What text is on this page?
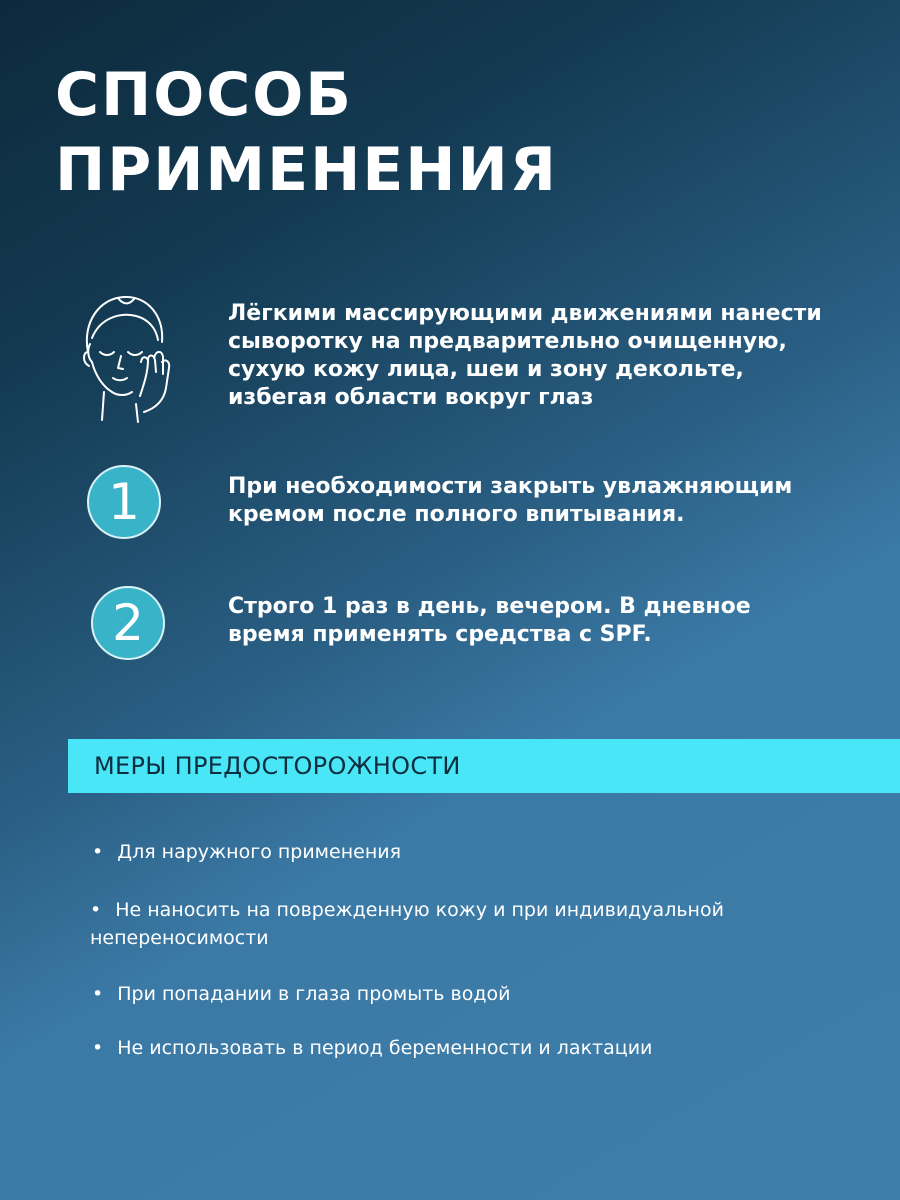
СПОСОБ
ПРИМЕНЕНИЯ

Лёгкими массирующими движениями нанести сыворотку на предварительно очищенную, сухую кожу лица, шеи и зону декольте, избегая области вокруг глаз

1	При необходимости закрыть увлажняющим кремом после полного впитывания.

2	Строго 1 раз в день, вечером. В дневное время применять средства с SPF.

МЕРЫ ПРЕДОСТОРОЖНОСТИ
• Для наружного применения
• Не наносить на поврежденную кожу и при индивидуальной непереносимости
• При попадании в глаза промыть водой
• Не использовать в период беременности и лактации
